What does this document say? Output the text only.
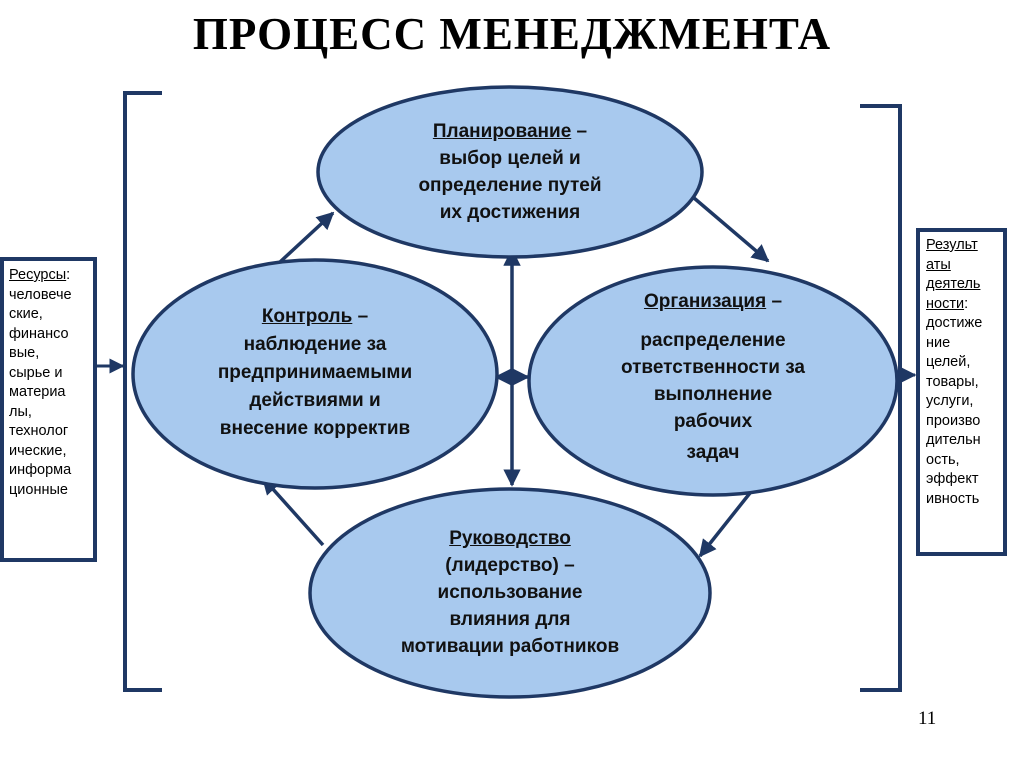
ПРОЦЕСС МЕНЕДЖМЕНТА
Планирование –
выбор целей и
определение путей
их достижения
Контроль –
наблюдение за
предпринимаемыми
действиями и
внесение корректив
Организация –
распределение
ответственности за
выполнение
рабочих
задач
Руководство
(лидерство) –
использование
влияния для
мотивации работников
Ресурсы:
человече
ские,
финансо
вые,
сырье и
материа
лы,
технолог
ические,
информа
ционные
Результ
аты
деятель
ности:
достиже
ние
целей,
товары,
услуги,
произво
дительн
ость,
эффект
ивность
11
